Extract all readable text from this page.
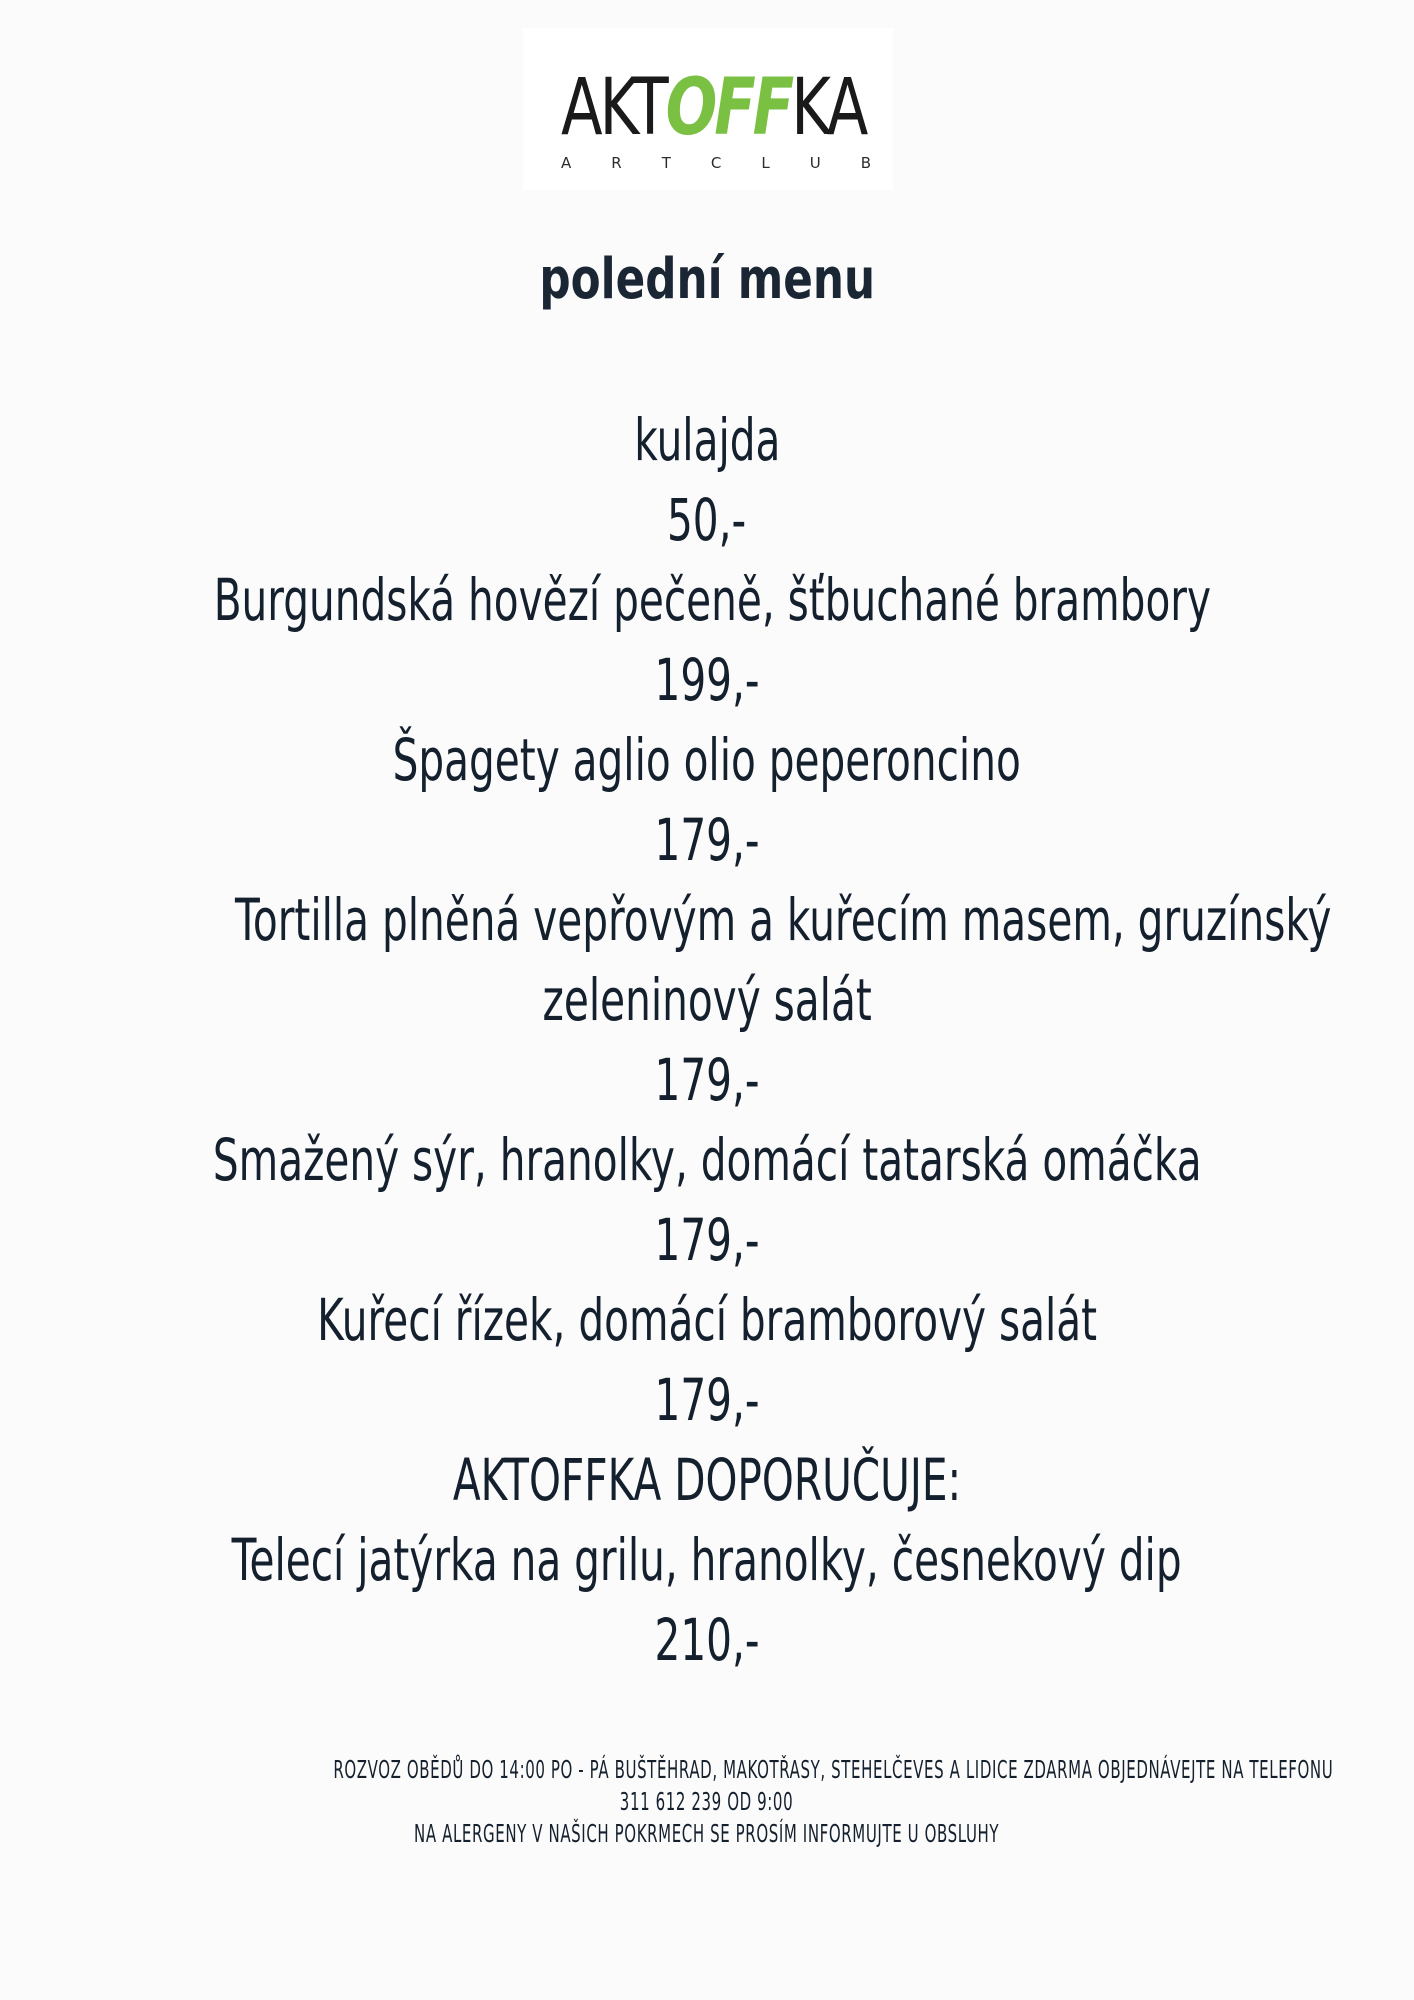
AKTOFFKA
A	R	T	C	L	U	B
polední menu
kulajda
50,-
Burgundská hovězí pečeně, šťbuchané brambory
199,-
Špagety aglio olio peperoncino
179,-
Tortilla plněná vepřovým a kuřecím masem, gruzínský
zeleninový salát
179,-
Smažený sýr, hranolky, domácí tatarská omáčka
179,-
Kuřecí řízek, domácí bramborový salát
179,-
AKTOFFKA DOPORUČUJE:
Telecí jatýrka na grilu, hranolky, česnekový dip
210,-
ROZVOZ OBĚDŮ DO 14:00 PO - PÁ BUŠTĚHRAD, MAKOTŘASY, STEHELČEVES A LIDICE ZDARMA OBJEDNÁVEJTE NA TELEFONU
311 612 239 OD 9:00
NA ALERGENY V NAŠICH POKRMECH SE PROSÍM INFORMUJTE U OBSLUHY
